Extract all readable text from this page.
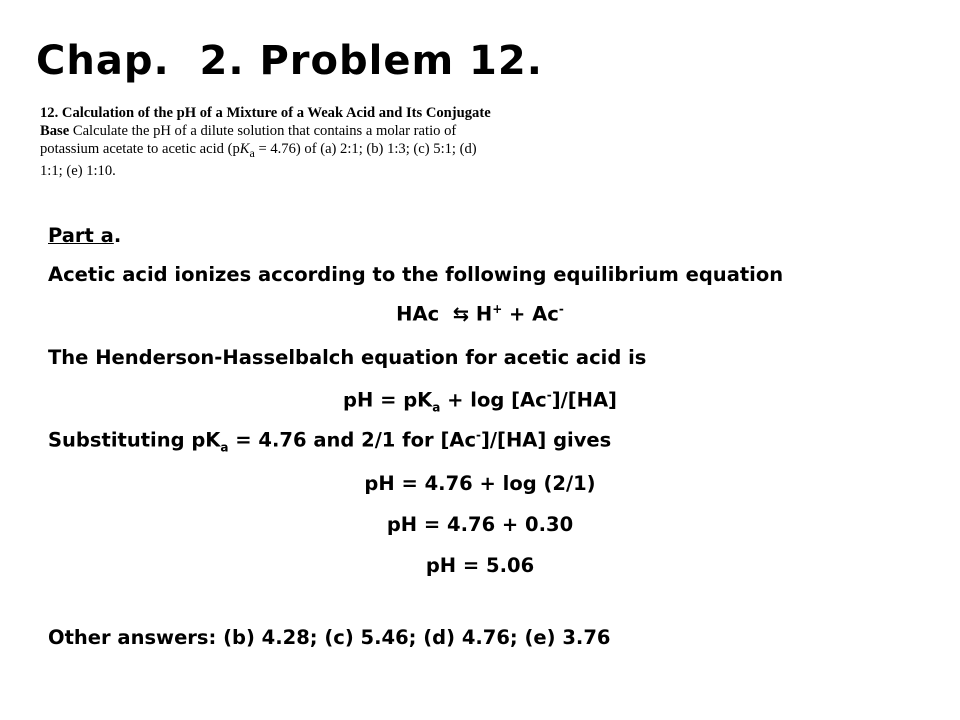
Chap.  2. Problem 12.
12. Calculation of the pH of a Mixture of a Weak Acid and Its Conjugate Base Calculate the pH of a dilute solution that contains a molar ratio of potassium acetate to acetic acid $(pK_a = 4.76)$ of (a) 2:1; (b) 1:3; (c) 5:1; (d) 1:1; (e) 1:10.
Part a.
Acetic acid ionizes according to the following equilibrium equation
HAc  ⇆ H+ + Ac-
The Henderson-Hasselbalch equation for acetic acid is
pH = $pK_a + \log [Ac^-]/[HA]$
Substituting $pK_a = 4.76$ and 2/1 for [Ac-]/[HA] gives
pH = 4.76 + log (2/1)
pH = 4.76 + 0.30
pH = 5.06
Other answers: (b) 4.28; (c) 5.46; (d) 4.76; (e) 3.76
